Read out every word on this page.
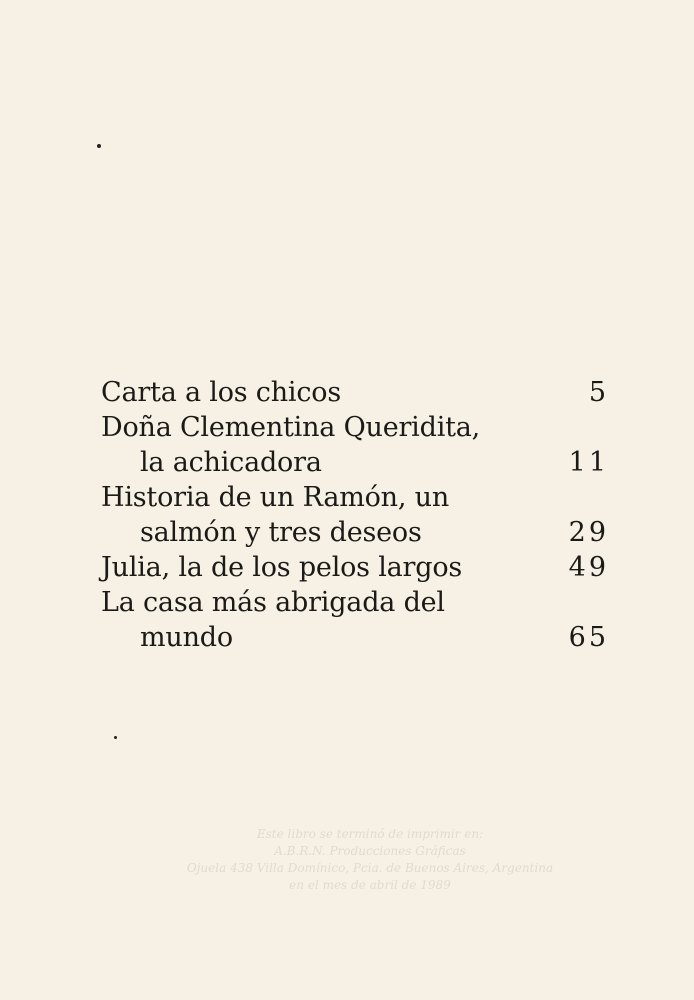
Carta a los chicos	5
Doña Clementina Queridita,
la achicadora	11
Historia de un Ramón, un
salmón y tres deseos	29
Julia, la de los pelos largos	49
La casa más abrigada del
mundo	65
Este libro se terminó de imprimir en:
A.B.R.N. Producciones Gráficas
Ojuela 438 Villa Domínico, Pcia. de Buenos Aires, Argentina
en el mes de abril de 1989
